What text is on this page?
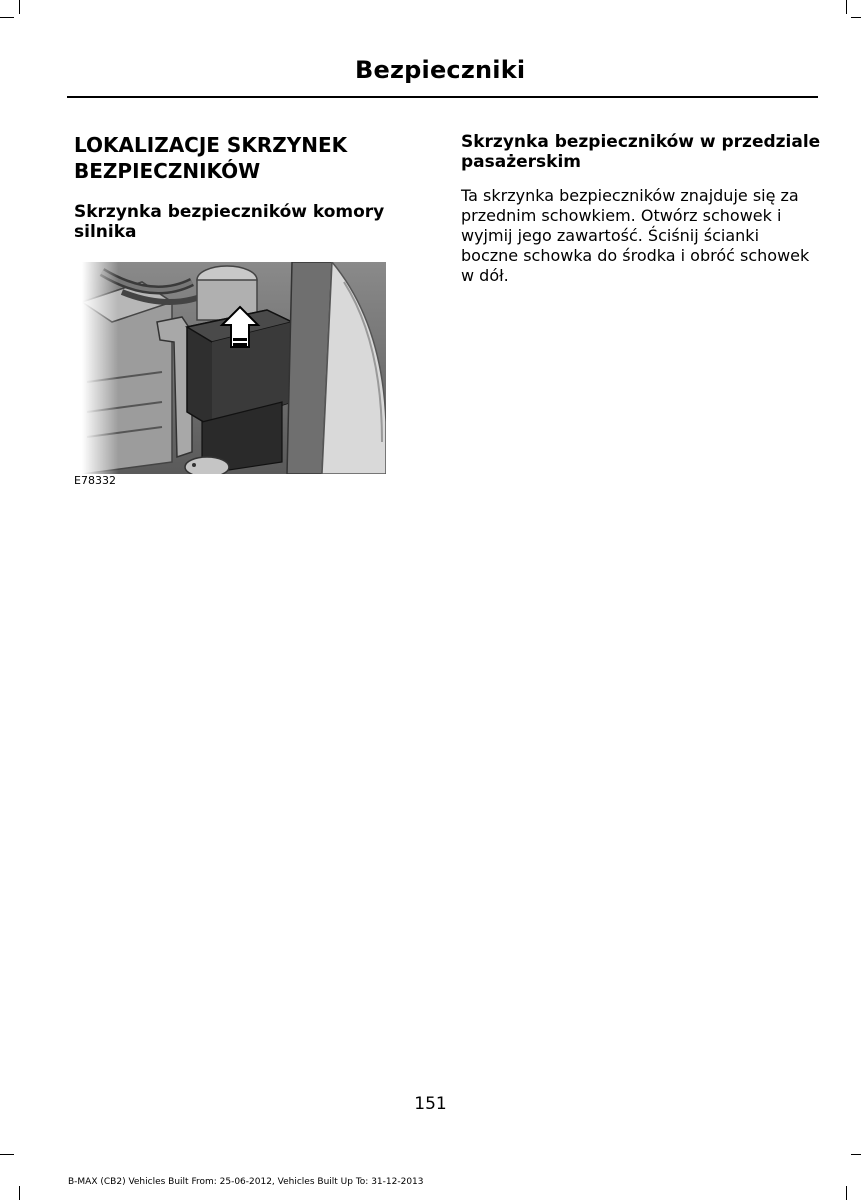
Bezpieczniki
LOKALIZACJE SKRZYNEK BEZPIECZNIKÓW
Skrzynka bezpieczników komory silnika
E78332
Skrzynka bezpieczników w przedziale pasażerskim

Ta skrzynka bezpieczników znajduje się za przednim schowkiem. Otwórz schowek i wyjmij jego zawartość. Ściśnij ścianki boczne schowka do środka i obróć schowek w dół.

151
B-MAX (CB2) Vehicles Built From: 25-06-2012, Vehicles Built Up To: 31-12-2013
